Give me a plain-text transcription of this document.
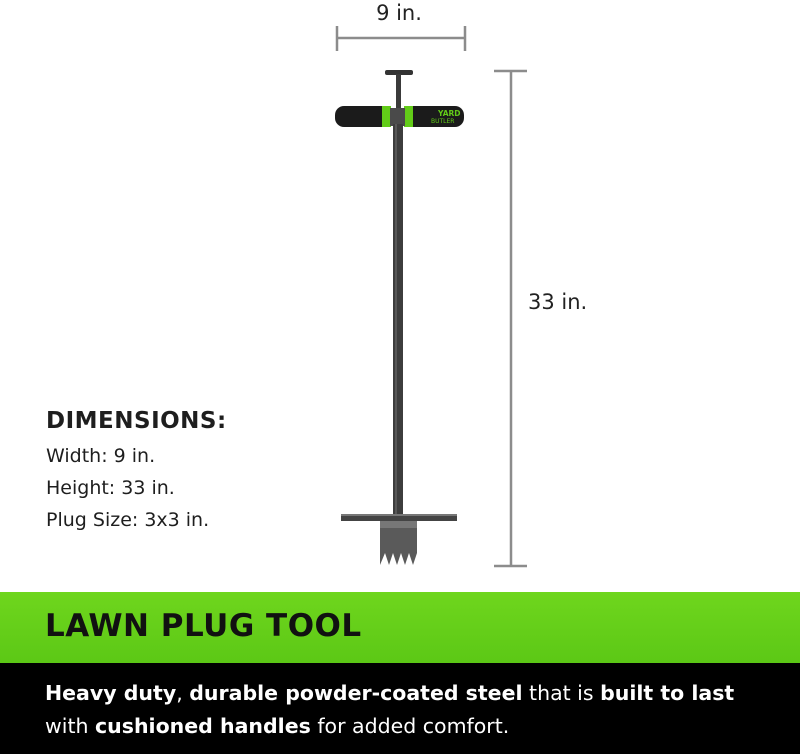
YARD
BUTLER
9 in.
33 in.
DIMENSIONS:
Width: 9 in.
Height: 33 in.
Plug Size: 3x3 in.
LAWN PLUG TOOL
Heavy duty, durable powder-coated steel that is built to last with cushioned handles for added comfort.
